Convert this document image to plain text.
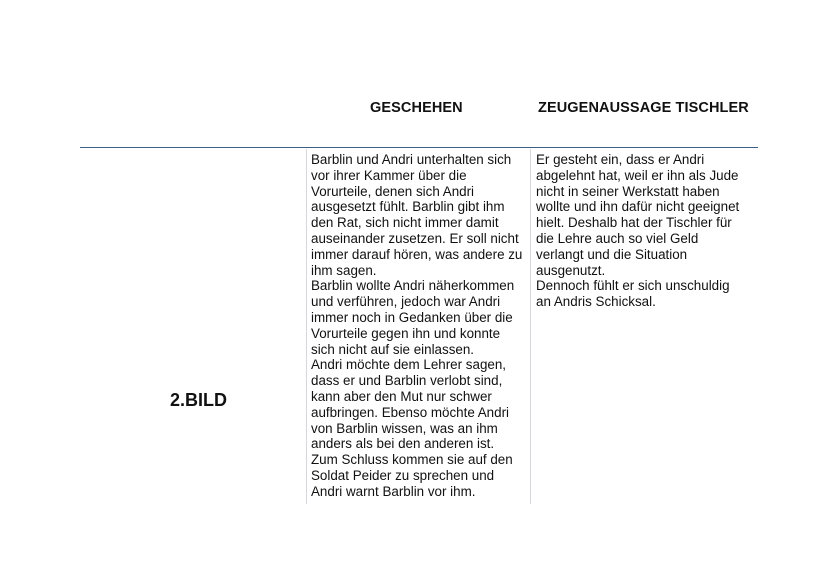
GESCHEHEN	ZEUGENAUSSAGE TISCHLER
2.BILD
Barblin und Andri unterhalten sich
vor ihrer Kammer über die
Vorurteile, denen sich Andri
ausgesetzt fühlt. Barblin gibt ihm
den Rat, sich nicht immer damit
auseinander zusetzen. Er soll nicht
immer darauf hören, was andere zu
ihm sagen.
Barblin wollte Andri näherkommen
und verführen, jedoch war Andri
immer noch in Gedanken über die
Vorurteile gegen ihn und konnte
sich nicht auf sie einlassen.
Andri möchte dem Lehrer sagen,
dass er und Barblin verlobt sind,
kann aber den Mut nur schwer
aufbringen. Ebenso möchte Andri
von Barblin wissen, was an ihm
anders als bei den anderen ist.
Zum Schluss kommen sie auf den
Soldat Peider zu sprechen und
Andri warnt Barblin vor ihm.
Er gesteht ein, dass er Andri
abgelehnt hat, weil er ihn als Jude
nicht in seiner Werkstatt haben
wollte und ihn dafür nicht geeignet
hielt. Deshalb hat der Tischler für
die Lehre auch so viel Geld
verlangt und die Situation
ausgenutzt.
Dennoch fühlt er sich unschuldig
an Andris Schicksal.
